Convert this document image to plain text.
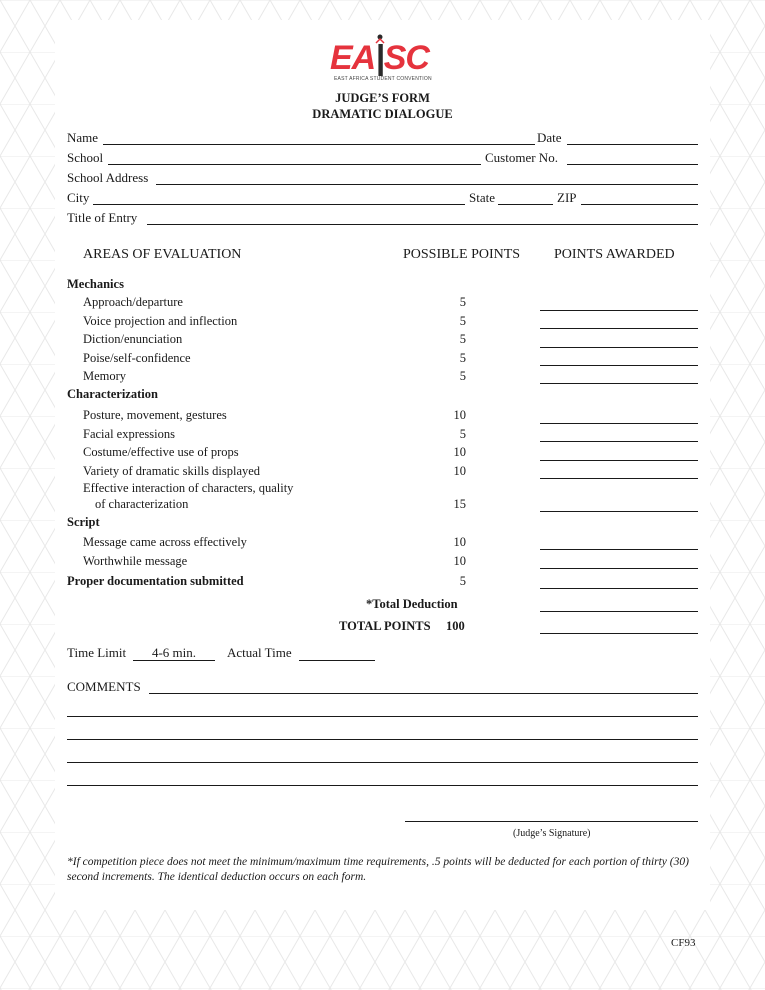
EA|SC
EAST AFRICA STUDENT CONVENTION
JUDGE’S FORM
DRAMATIC DIALOGUE
Name	Date
School	Customer No.
School Address
City	State	ZIP
Title of Entry
AREAS OF EVALUATION	POSSIBLE POINTS POINTS AWARDED
Mechanics
Approach/departure	5
Voice projection and inflection	5
Diction/enunciation	5
Poise/self-confidence	5
Memory	5
Characterization
Posture, movement, gestures	10
Facial expressions	5
Costume/effective use of props	10
Variety of dramatic skills displayed	10
Effective interaction of characters, quality
of characterization	15
Script
Message came across effectively	10
Worthwhile message	10
Proper documentation submitted	5
*Total Deduction
TOTAL POINTS 100
Time Limit	4-6 min.	Actual Time
COMMENTS
(Judge’s Signature)
*If competition piece does not meet the minimum/maximum time requirements, .5 points will be deducted for each portion of thirty (30) second increments. The identical deduction occurs on each form.
CF93
